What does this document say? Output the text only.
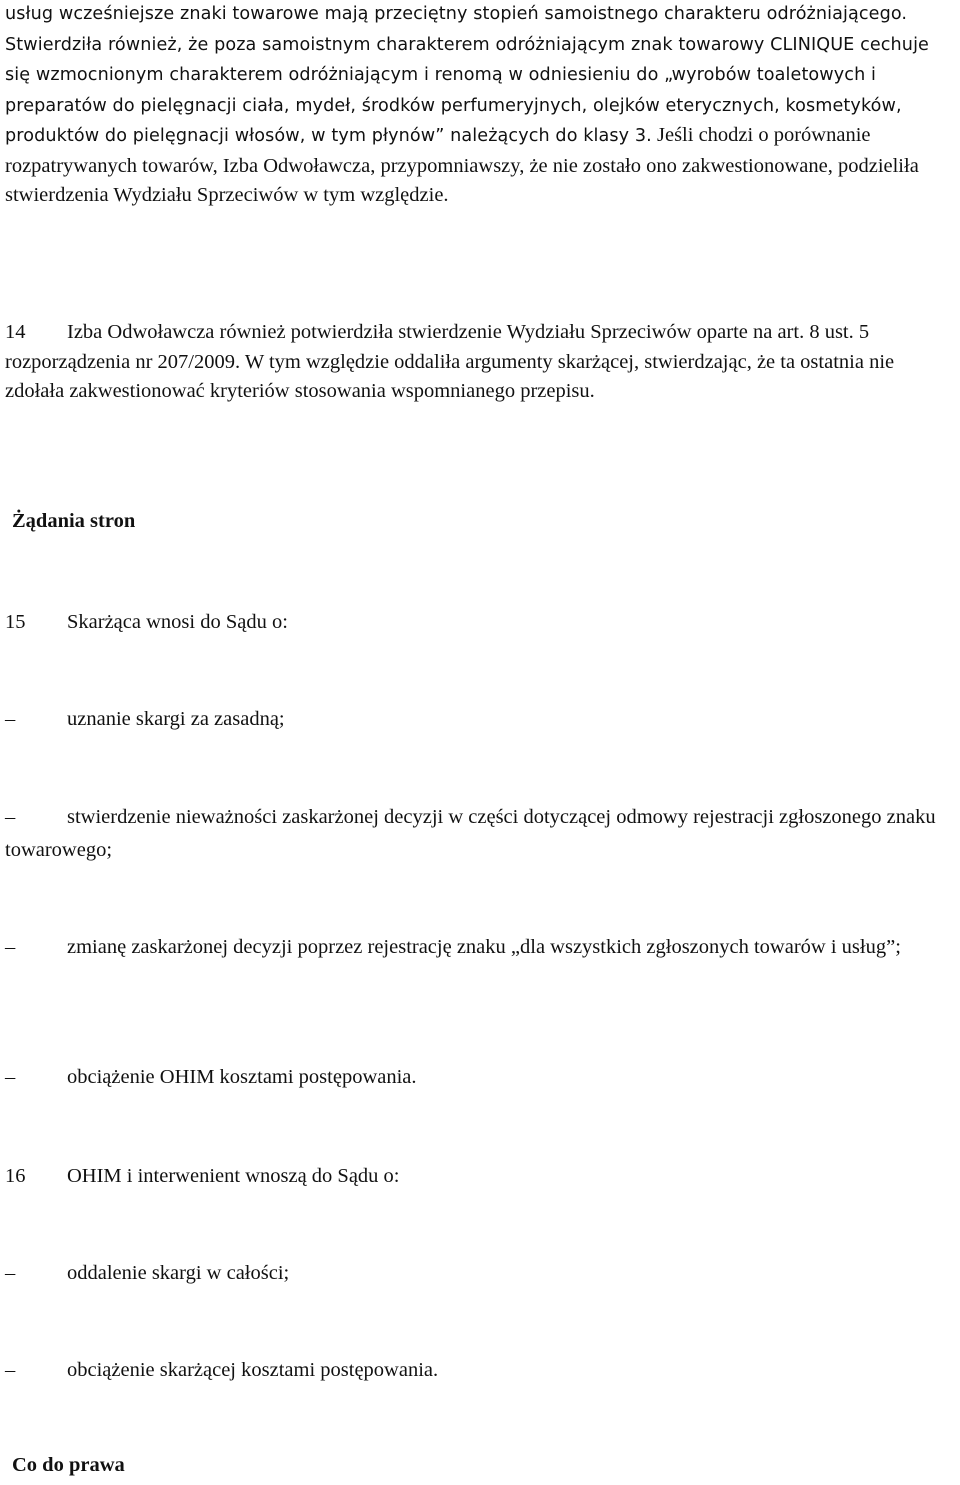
usług wcześniejsze znaki towarowe mają przeciętny stopień samoistnego charakteru odróżniającego. Stwierdziła również, że poza samoistnym charakterem odróżniającym znak towarowy CLINIQUE cechuje się wzmocnionym charakterem odróżniającym i renomą w odniesieniu do „wyrobów toaletowych i preparatów do pielęgnacji ciała, mydeł, środków perfumeryjnych, olejków eterycznych, kosmetyków, produktów do pielęgnacji włosów, w tym płynów” należących do klasy 3. Jeśli chodzi o porównanie rozpatrywanych towarów, Izba Odwoławcza, przypomniawszy, że nie zostało ono zakwestionowane, podzieliła stwierdzenia Wydziału Sprzeciwów w tym względzie.

14 Izba Odwoławcza również potwierdziła stwierdzenie Wydziału Sprzeciwów oparte na art. 8 ust. 5 rozporządzenia nr 207/2009. W tym względzie oddaliła argumenty skarżącej, stwierdzając, że ta ostatnia nie zdołała zakwestionować kryteriów stosowania wspomnianego przepisu.

Żądania stron

15 Skarżąca wnosi do Sądu o:

–	uznanie skargi za zasadną;

–	stwierdzenie nieważności zaskarżonej decyzji w części dotyczącej odmowy rejestracji zgłoszonego znaku towarowego;

–	zmianę zaskarżonej decyzji poprzez rejestrację znaku „dla wszystkich zgłoszonych towarów i usług”;

–	obciążenie OHIM kosztami postępowania.

16 OHIM i interwenient wnoszą do Sądu o:

–	oddalenie skargi w całości;

–	obciążenie skarżącej kosztami postępowania.

Co do prawa
